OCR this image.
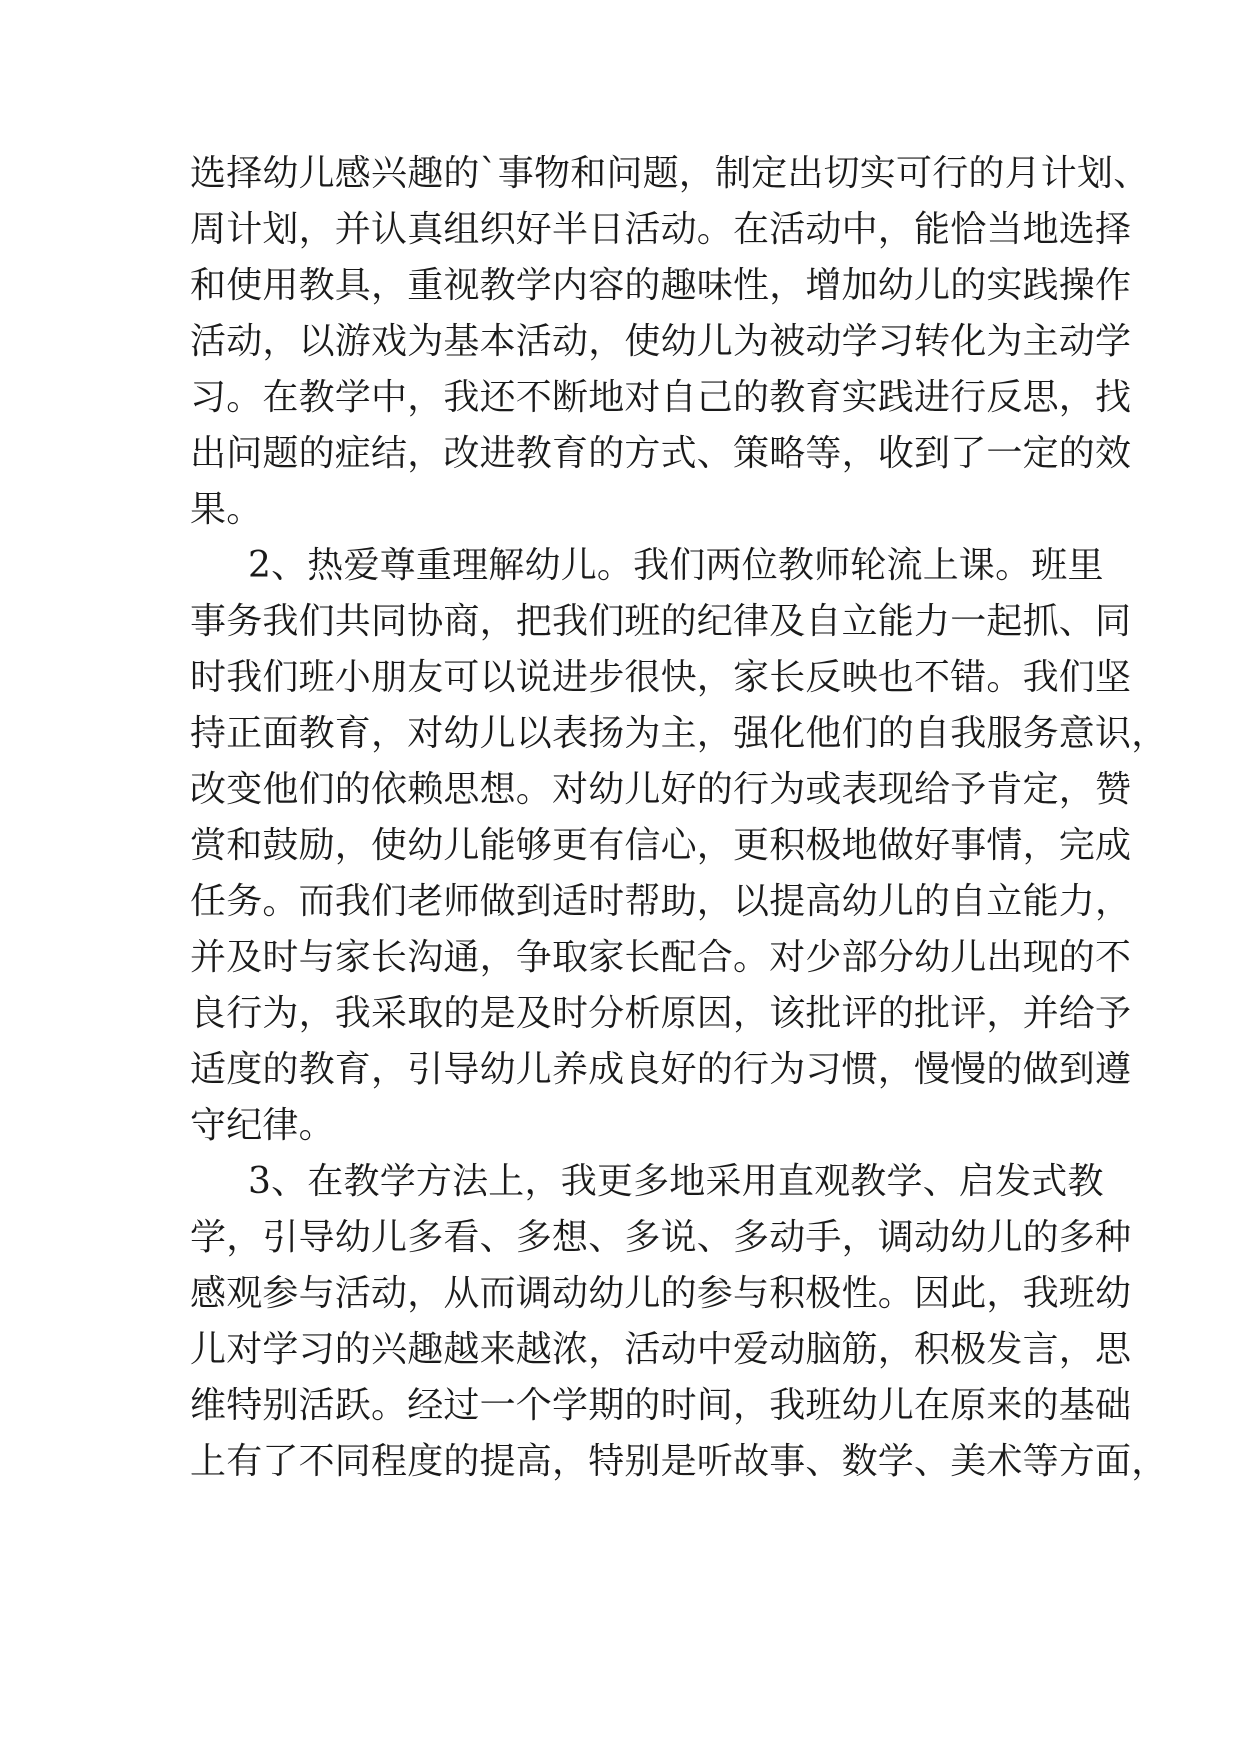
选择幼儿感兴趣的`事物和问题，制定出切实可行的月计划、
周计划，并认真组织好半日活动。在活动中，能恰当地选择
和使用教具，重视教学内容的趣味性，增加幼儿的实践操作
活动，以游戏为基本活动，使幼儿为被动学习转化为主动学
习。在教学中，我还不断地对自己的教育实践进行反思，找
出问题的症结，改进教育的方式、策略等，收到了一定的效
果。
2、热爱尊重理解幼儿。我们两位教师轮流上课。班里
事务我们共同协商，把我们班的纪律及自立能力一起抓、同
时我们班小朋友可以说进步很快，家长反映也不错。我们坚
持正面教育，对幼儿以表扬为主，强化他们的自我服务意识，
改变他们的依赖思想。对幼儿好的行为或表现给予肯定，赞
赏和鼓励，使幼儿能够更有信心，更积极地做好事情，完成
任务。而我们老师做到适时帮助，以提高幼儿的自立能力，
并及时与家长沟通，争取家长配合。对少部分幼儿出现的不
良行为，我采取的是及时分析原因，该批评的批评，并给予
适度的教育，引导幼儿养成良好的行为习惯，慢慢的做到遵
守纪律。
3、在教学方法上，我更多地采用直观教学、启发式教
学，引导幼儿多看、多想、多说、多动手，调动幼儿的多种
感观参与活动，从而调动幼儿的参与积极性。因此，我班幼
儿对学习的兴趣越来越浓，活动中爱动脑筋，积极发言，思
维特别活跃。经过一个学期的时间，我班幼儿在原来的基础
上有了不同程度的提高，特别是听故事、数学、美术等方面，
